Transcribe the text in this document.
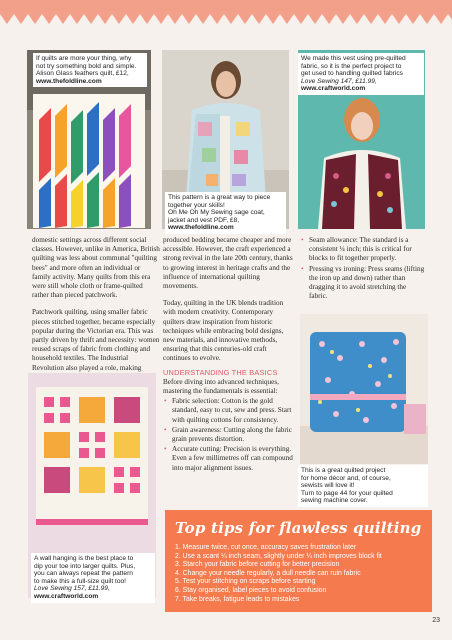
If quilts are more your thing, why
not try something bold and simple.
Alison Glass feathers quilt, £12,
www.thefoldline.com
This pattern is a great way to piece
together your skills!
Oh Me Oh My Sewing sage coat,
jacket and vest PDF, £8,
www.thefoldline.com
We made this vest using pre-quilted
fabric, so it is the perfect project to
get used to handling quilted fabrics
Love Sewing 147, £11.99,
www.craftworld.com

domestic settings across different social classes. However, unlike in America, British quilting was less about communal "quilting bees" and more often an individual or family activity. Many quilts from this era were still whole cloth or frame-quilted rather than pieced patchwork.

Patchwork quilting, using smaller fabric pieces stitched together, became especially popular during the Victorian era. This was partly driven by thrift and necessity: women reused scraps of fabric from clothing and household textiles. The Industrial Revolution also played a role, making

produced bedding became cheaper and more accessible. However, the craft experienced a strong revival in the late 20th century, thanks to growing interest in heritage crafts and the influence of international quilting movements.

Today, quilting in the UK blends tradition with modern creativity. Contemporary quilters draw inspiration from historic techniques while embracing bold designs, new materials, and innovative methods, ensuring that this centuries-old craft continues to evolve.

UNDERSTANDING THE BASICS

Before diving into advanced techniques, mastering the fundamentals is essential:

• Fabric selection: Cotton is the gold standard, easy to cut, sew and press. Start with quilting cottons for consistency.
• Grain awareness: Cutting along the fabric grain prevents distortion.
• Accurate cutting: Precision is everything. Even a few millimetres off can compound into major alignment issues.
• Seam allowance: The standard is a consistent ¼ inch; this is critical for blocks to fit together properly.
• Pressing vs ironing: Press seams (lifting the iron up and down) rather than dragging it to avoid stretching the fabric.
This is a great quilted project
for home décor and, of course,
sewists will love it!
Turn to page 44 for your quilted
sewing machine cover.
A wall hanging is the best place to
dip your toe into larger quilts. Plus,
you can always repeat the pattern
to make this a full-size quilt too!
Love Sewing 157, £11.99,
www.craftworld.com
Top tips for flawless quilting
1. Measure twice, cut once, accuracy saves frustration later
2. Use a scant ¼ inch seam, slightly under ¼ inch improves block fit
3. Starch your fabric before cutting for better precision
4. Change your needle regularly, a dull needle can ruin fabric
5. Test your stitching on scraps before starting
6. Stay organised, label pieces to avoid confusion
7. Take breaks, fatigue leads to mistakes
23
